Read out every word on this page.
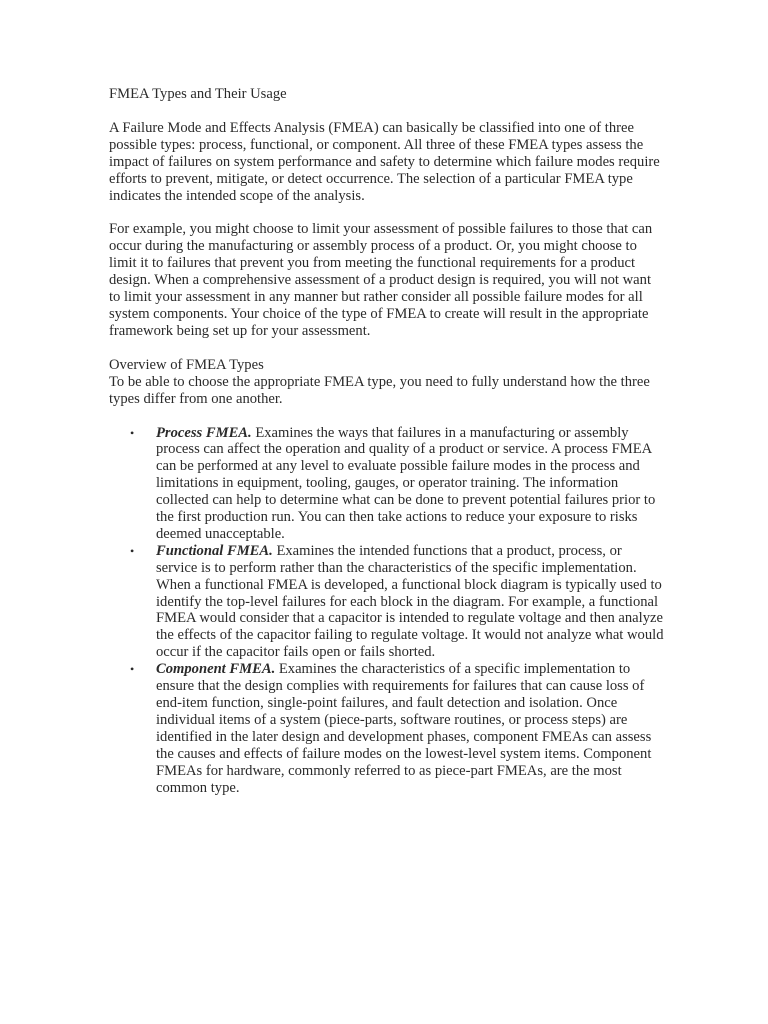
FMEA Types and Their Usage

A Failure Mode and Effects Analysis (FMEA) can basically be classified into one of three possible types: process, functional, or component. All three of these FMEA types assess the impact of failures on system performance and safety to determine which failure modes require efforts to prevent, mitigate, or detect occurrence. The selection of a particular FMEA type indicates the intended scope of the analysis.

For example, you might choose to limit your assessment of possible failures to those that can occur during the manufacturing or assembly process of a product. Or, you might choose to limit it to failures that prevent you from meeting the functional requirements for a product design. When a comprehensive assessment of a product design is required, you will not want to limit your assessment in any manner but rather consider all possible failure modes for all system components. Your choice of the type of FMEA to create will result in the appropriate framework being set up for your assessment.

Overview of FMEA Types
To be able to choose the appropriate FMEA type, you need to fully understand how the three types differ from one another.
• Process FMEA. Examines the ways that failures in a manufacturing or assembly process can affect the operation and quality of a product or service. A process FMEA can be performed at any level to evaluate possible failure modes in the process and limitations in equipment, tooling, gauges, or operator training. The information collected can help to determine what can be done to prevent potential failures prior to the first production run. You can then take actions to reduce your exposure to risks deemed unacceptable.
• Functional FMEA. Examines the intended functions that a product, process, or service is to perform rather than the characteristics of the specific implementation. When a functional FMEA is developed, a functional block diagram is typically used to identify the top-level failures for each block in the diagram. For example, a functional FMEA would consider that a capacitor is intended to regulate voltage and then analyze the effects of the capacitor failing to regulate voltage. It would not analyze what would occur if the capacitor fails open or fails shorted.
• Component FMEA. Examines the characteristics of a specific implementation to ensure that the design complies with requirements for failures that can cause loss of end-item function, single-point failures, and fault detection and isolation. Once individual items of a system (piece-parts, software routines, or process steps) are identified in the later design and development phases, component FMEAs can assess the causes and effects of failure modes on the lowest-level system items. Component FMEAs for hardware, commonly referred to as piece-part FMEAs, are the most common type.
